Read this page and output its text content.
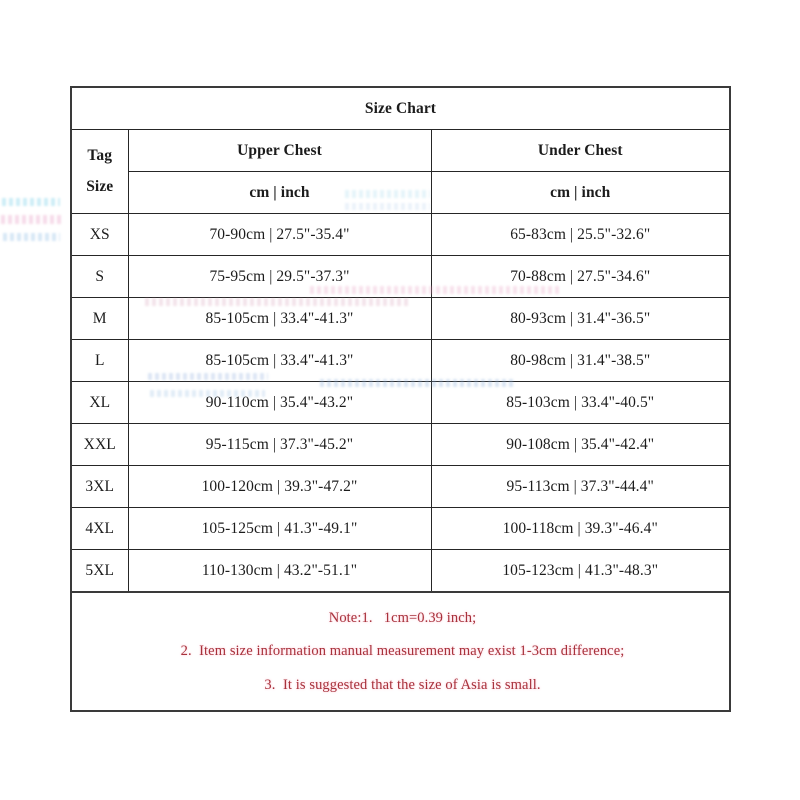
Size Chart		

Tag
Size	Upper Chest	Under Chest
	cm | inch	cm | inch
XS	70-90cm | 27.5"-35.4"	65-83cm | 25.5"-32.6"
S	75-95cm | 29.5"-37.3"	70-88cm | 27.5"-34.6"
M	85-105cm | 33.4"-41.3"	80-93cm | 31.4"-36.5"
L	85-105cm | 33.4"-41.3"	80-98cm | 31.4"-38.5"
XL	90-110cm | 35.4"-43.2"	85-103cm | 33.4"-40.5"
XXL	95-115cm | 37.3"-45.2"	90-108cm | 35.4"-42.4"
3XL	100-120cm | 39.3"-47.2"	95-113cm | 37.3"-44.4"
4XL	105-125cm | 41.3"-49.1"	100-118cm | 39.3"-46.4"
5XL	110-130cm | 43.2"-51.1"	105-123cm | 41.3"-48.3"

Note:1.   1cm=0.39 inch;
2.  Item size information manual measurement may exist 1-3cm difference;
3.  It is suggested that the size of Asia is small.		
